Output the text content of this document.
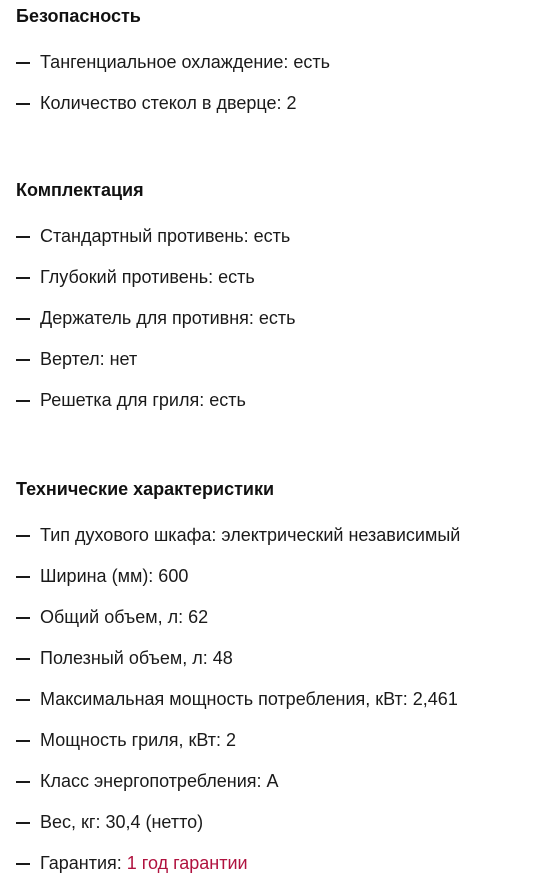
Безопасность
Тангенциальное охлаждение: есть
Количество стекол в дверце: 2
Комплектация
Стандартный противень: есть
Глубокий противень: есть
Держатель для противня: есть
Вертел: нет
Решетка для гриля: есть
Технические характеристики
Тип духового шкафа: электрический независимый
Ширина (мм): 600
Общий объем, л: 62
Полезный объем, л: 48
Максимальная мощность потребления, кВт: 2,461
Мощность гриля, кВт: 2
Класс энергопотребления: A
Вес, кг: 30,4 (нетто)
Гарантия: 1 год гарантии
